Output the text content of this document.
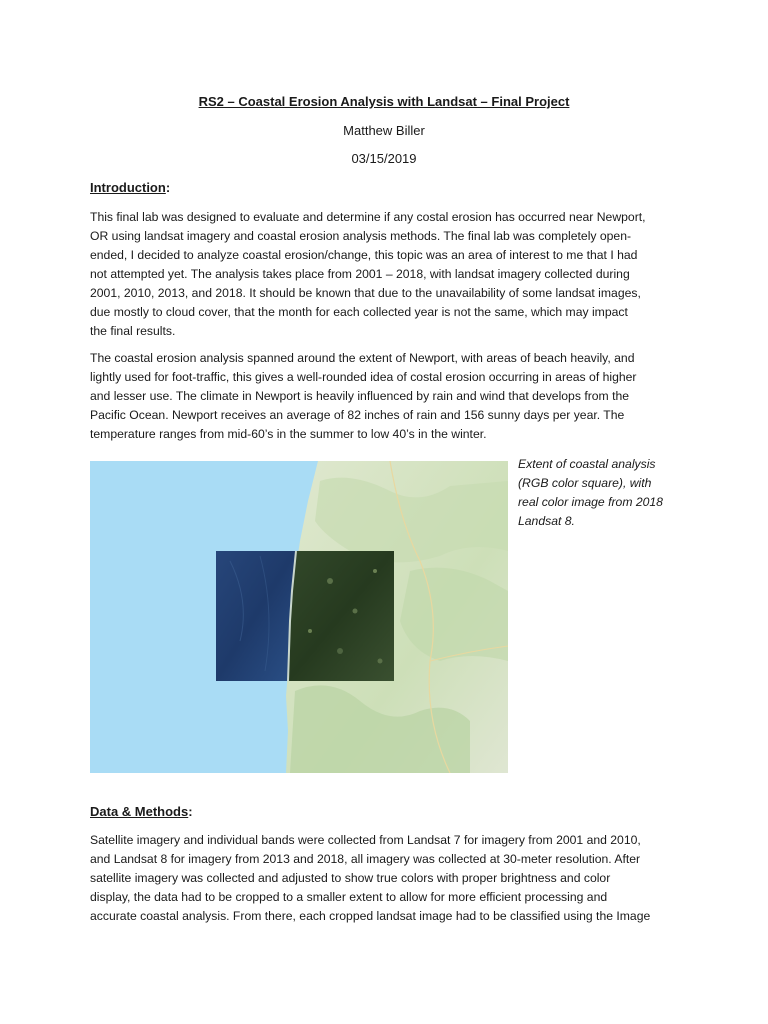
RS2 – Coastal Erosion Analysis with Landsat – Final Project
Matthew Biller
03/15/2019
Introduction:
This final lab was designed to evaluate and determine if any costal erosion has occurred near Newport,
OR using landsat imagery and coastal erosion analysis methods. The final lab was completely open-
ended, I decided to analyze coastal erosion/change, this topic was an area of interest to me that I had
not attempted yet. The analysis takes place from 2001 – 2018, with landsat imagery collected during
2001, 2010, 2013, and 2018. It should be known that due to the unavailability of some landsat images,
due mostly to cloud cover, that the month for each collected year is not the same, which may impact
the final results.
The coastal erosion analysis spanned around the extent of Newport, with areas of beach heavily, and
lightly used for foot-traffic, this gives a well-rounded idea of costal erosion occurring in areas of higher
and lesser use. The climate in Newport is heavily influenced by rain and wind that develops from the
Pacific Ocean. Newport receives an average of 82 inches of rain and 156 sunny days per year. The
temperature ranges from mid-60’s in the summer to low 40’s in the winter.
Extent of coastal analysis
(RGB color square), with
real color image from 2018
Landsat 8.
Data & Methods:
Satellite imagery and individual bands were collected from Landsat 7 for imagery from 2001 and 2010,
and Landsat 8 for imagery from 2013 and 2018, all imagery was collected at 30-meter resolution. After
satellite imagery was collected and adjusted to show true colors with proper brightness and color
display, the data had to be cropped to a smaller extent to allow for more efficient processing and
accurate coastal analysis. From there, each cropped landsat image had to be classified using the Image
